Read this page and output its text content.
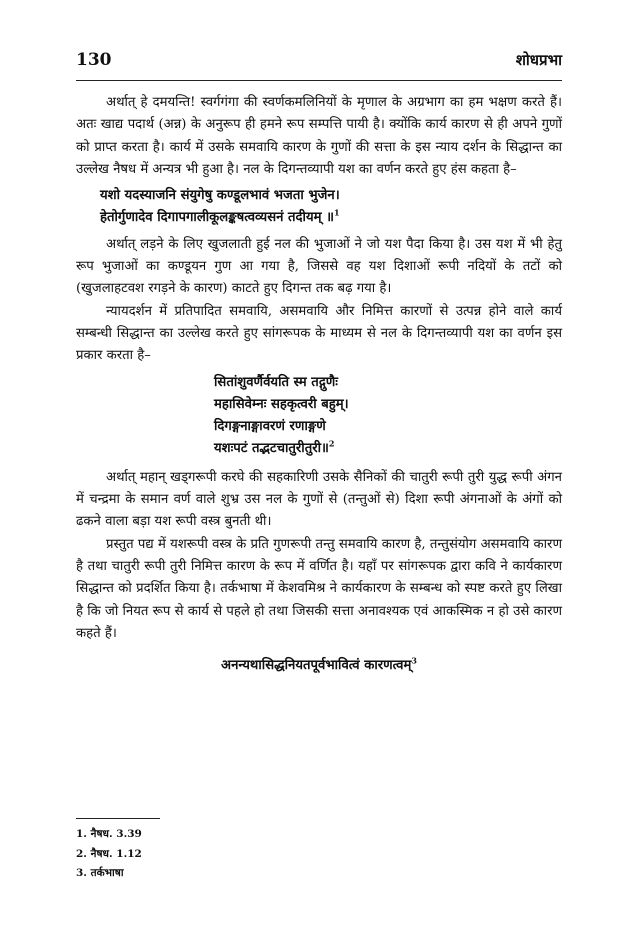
130	शोधप्रभा

अर्थात् हे दमयन्ति! स्वर्गगंगा की स्वर्णकमलिनियों के मृणाल के अग्रभाग का हम भक्षण करते हैं। अतः खाद्य पदार्थ (अन्न) के अनुरूप ही हमने रूप सम्पत्ति पायी है। क्योंकि कार्य कारण से ही अपने गुणों को प्राप्त करता है। कार्य में उसके समवायि कारण के गुणों की सत्ता के इस न्याय दर्शन के सिद्धान्त का उल्लेख नैषध में अन्यत्र भी हुआ है। नल के दिगन्तव्यापी यश का वर्णन करते हुए हंस कहता है–

यशो यदस्याजनि संयुगेषु कण्डूलभावं भजता भुजेन।
हेतोर्गुणादेव दिगापगालीकूलङ्कषत्वव्यसनं तदीयम् ॥$^1$

अर्थात् लड़ने के लिए खुजलाती हुई नल की भुजाओं ने जो यश पैदा किया है। उस यश में भी हेतु रूप भुजाओं का कण्डूयन गुण आ गया है, जिससे वह यश दिशाओं रूपी नदियों के तटों को (खुजलाहटवश रगड़ने के कारण) काटते हुए दिगन्त तक बढ़ गया है।

न्यायदर्शन में प्रतिपादित समवायि, असमवायि और निमित्त कारणों से उत्पन्न होने वाले कार्य सम्बन्धी सिद्धान्त का उल्लेख करते हुए सांगरूपक के माध्यम से नल के दिगन्तव्यापी यश का वर्णन इस प्रकार करता है–

सितांशुवर्णैर्वयति स्म तद्गुणैः
महासिवेम्नः सहकृत्वरी बहुम्।
दिगङ्गनाङ्गावरणं रणाङ्गणे
यशःपटं तद्भटचातुरीतुरी॥$^2$

अर्थात् महान् खड्गरूपी करघे की सहकारिणी उसके सैनिकों की चातुरी रूपी तुरी युद्ध रूपी अंगन में चन्द्रमा के समान वर्ण वाले शुभ्र उस नल के गुणों से (तन्तुओं से) दिशा रूपी अंगनाओं के अंगों को ढकने वाला बड़ा यश रूपी वस्त्र बुनती थी।

प्रस्तुत पद्य में यशरूपी वस्त्र के प्रति गुणरूपी तन्तु समवायि कारण है, तन्तुसंयोग असमवायि कारण है तथा चातुरी रूपी तुरी निमित्त कारण के रूप में वर्णित है। यहाँ पर सांगरूपक द्वारा कवि ने कार्यकारण सिद्धान्त को प्रदर्शित किया है। तर्कभाषा में केशवमिश्र ने कार्यकारण के सम्बन्ध को स्पष्ट करते हुए लिखा है कि जो नियत रूप से कार्य से पहले हो तथा जिसकी सत्ता अनावश्यक एवं आकस्मिक न हो उसे कारण कहते हैं।

अनन्यथासिद्धनियतपूर्वभावित्वं कारणत्वम्$^3$
1. नैषध. 3.39
2. नैषध. 1.12
3. तर्कभाषा
